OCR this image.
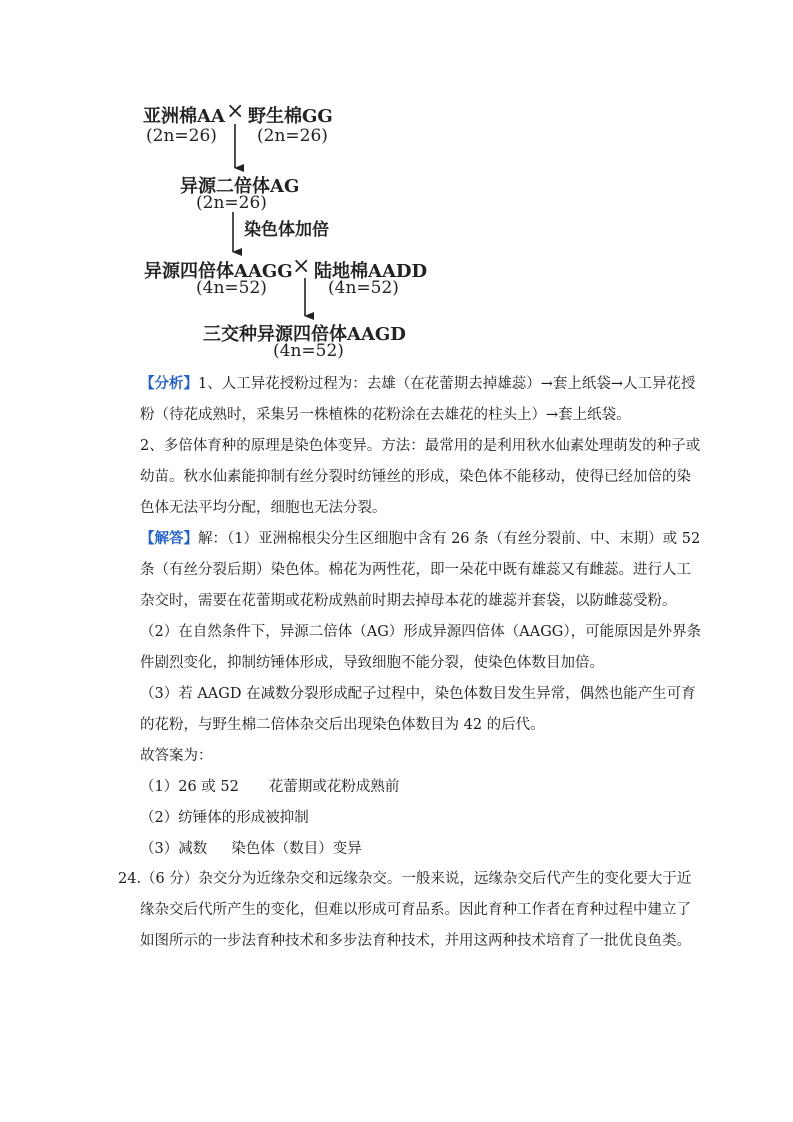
亚洲棉AA × 野生棉GG
(2n=26) (2n=26)
异源二倍体AG
(2n=26)
染色体加倍
异源四倍体AAGG × 陆地棉AADD
(4n=52)	(4n=52)
三交种异源四倍体AAGD
(4n=52)
【分析】1、人工异花授粉过程为：去雄（在花蕾期去掉雄蕊）→套上纸袋→人工异花授
粉（待花成熟时，采集另一株植株的花粉涂在去雄花的柱头上）→套上纸袋。
2、多倍体育种的原理是染色体变异。方法：最常用的是利用秋水仙素处理萌发的种子或
幼苗。秋水仙素能抑制有丝分裂时纺锤丝的形成，染色体不能移动，使得已经加倍的染
色体无法平均分配，细胞也无法分裂。
【解答】解：（1）亚洲棉根尖分生区细胞中含有 26 条（有丝分裂前、中、末期）或 52
条（有丝分裂后期）染色体。棉花为两性花，即一朵花中既有雄蕊又有雌蕊。进行人工
杂交时，需要在花蕾期或花粉成熟前时期去掉母本花的雄蕊并套袋，以防雌蕊受粉。
（2）在自然条件下，异源二倍体（AG）形成异源四倍体（AAGG），可能原因是外界条
件剧烈变化，抑制纺锤体形成，导致细胞不能分裂，使染色体数目加倍。
（3）若 AAGD 在减数分裂形成配子过程中，染色体数目发生异常，偶然也能产生可育
的花粉，与野生棉二倍体杂交后出现染色体数目为 42 的后代。
故答案为：
（1）26 或 52 花蕾期或花粉成熟前
（2）纺锤体的形成被抑制
（3）减数 染色体（数目）变异
24.（6 分）杂交分为近缘杂交和远缘杂交。一般来说，远缘杂交后代产生的变化要大于近
缘杂交后代所产生的变化，但难以形成可育品系。因此育种工作者在育种过程中建立了
如图所示的一步法育种技术和多步法育种技术，并用这两种技术培育了一批优良鱼类。
